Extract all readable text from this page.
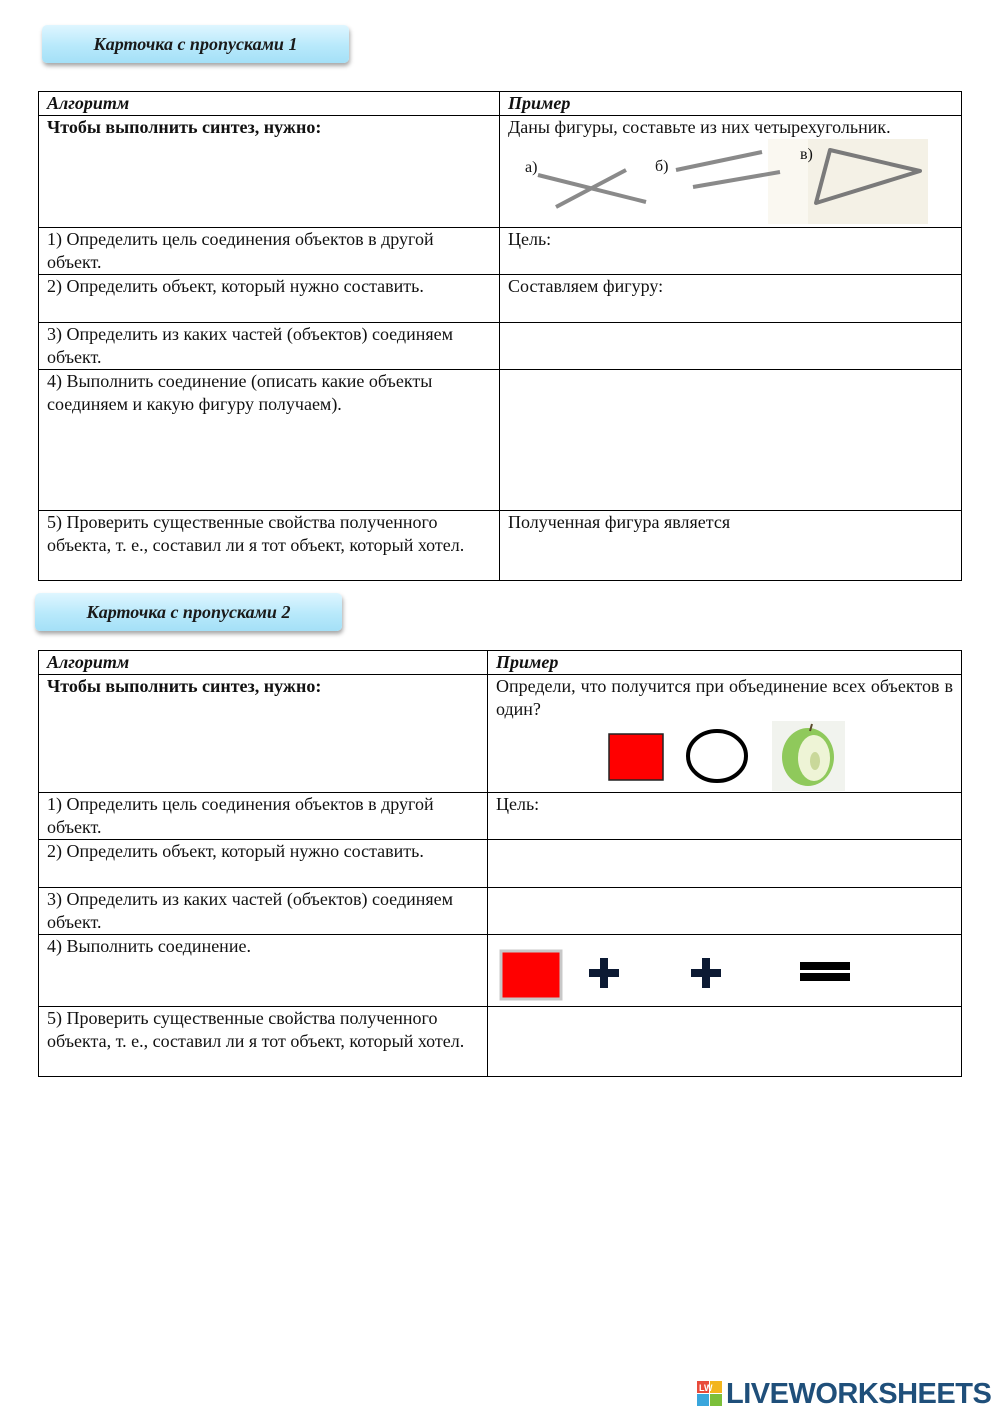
Карточка с пропусками 1
Алгоритм	Пример
Чтобы выполнить синтез, нужно:	Даны фигуры, составьте из них четырехугольник.
а) б)
в)

1) Определить цель соединения объектов в другой объект.	Цель:
2) Определить объект, который нужно составить.	Составляем фигуру:
3) Определить из каких частей (объектов) соединяем объект.	
4) Выполнить соединение (описать какие объекты соединяем и какую фигуру получаем).	
5) Проверить существенные свойства полученного объекта, т. е., составил ли я тот объект, который хотел.	Полученная фигура является
Карточка с пропусками 2
Алгоритм	Пример
Чтобы выполнить синтез, нужно:	Определи, что получится при объединение всех объектов в один?

1) Определить цель соединения объектов в другой объект.	Цель:
2) Определить объект, который нужно составить.	
3) Определить из каких частей (объектов) соединяем объект.	
4) Выполнить соединение.	

5) Проверить существенные свойства полученного объекта, т. е., составил ли я тот объект, который хотел.	
LW LIVEWORKSHEETS
